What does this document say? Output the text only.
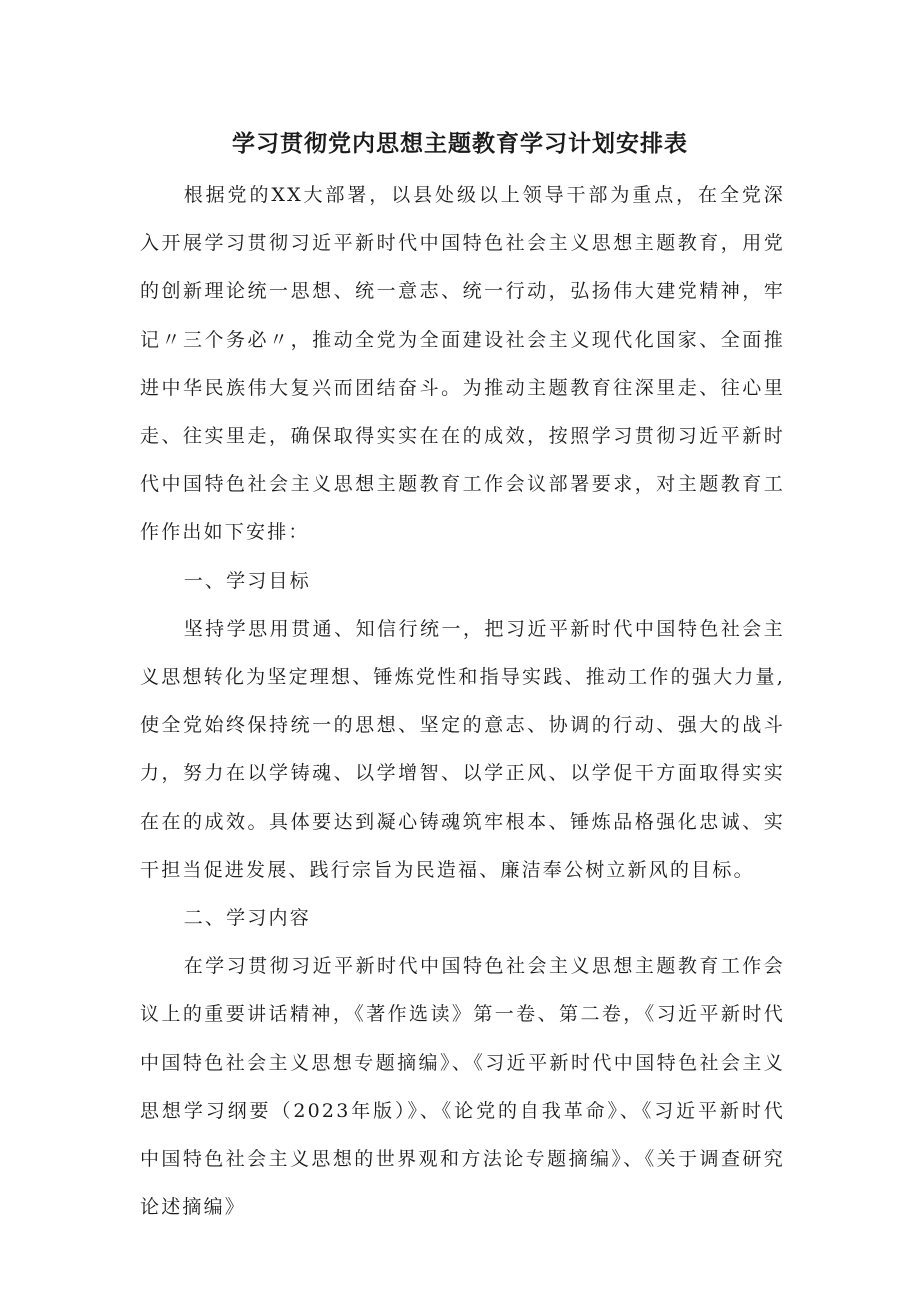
学习贯彻党内思想主题教育学习计划安排表

根据党的XX大部署，以县处级以上领导干部为重点，在全党深入开展学习贯彻习近平新时代中国特色社会主义思想主题教育，用党的创新理论统一思想、统一意志、统一行动，弘扬伟大建党精神，牢记〃三个务必〃，推动全党为全面建设社会主义现代化国家、全面推进中华民族伟大复兴而团结奋斗。为推动主题教育往深里走、往心里走、往实里走，确保取得实实在在的成效，按照学习贯彻习近平新时代中国特色社会主义思想主题教育工作会议部署要求，对主题教育工作作出如下安排：

一、学习目标

坚持学思用贯通、知信行统一，把习近平新时代中国特色社会主义思想转化为坚定理想、锤炼党性和指导实践、推动工作的强大力量,使全党始终保持统一的思想、坚定的意志、协调的行动、强大的战斗力，努力在以学铸魂、以学增智、以学正风、以学促干方面取得实实在在的成效。具体要达到凝心铸魂筑牢根本、锤炼品格强化忠诚、实干担当促进发展、践行宗旨为民造福、廉洁奉公树立新风的目标。

二、学习内容

在学习贯彻习近平新时代中国特色社会主义思想主题教育工作会议上的重要讲话精神，《著作选读》第一卷、第二卷，《习近平新时代中国特色社会主义思想专题摘编》、《习近平新时代中国特色社会主义思想学习纲要（2023年版）》、《论党的自我革命》、《习近平新时代中国特色社会主义思想的世界观和方法论专题摘编》、《关于调查研究论述摘编》
